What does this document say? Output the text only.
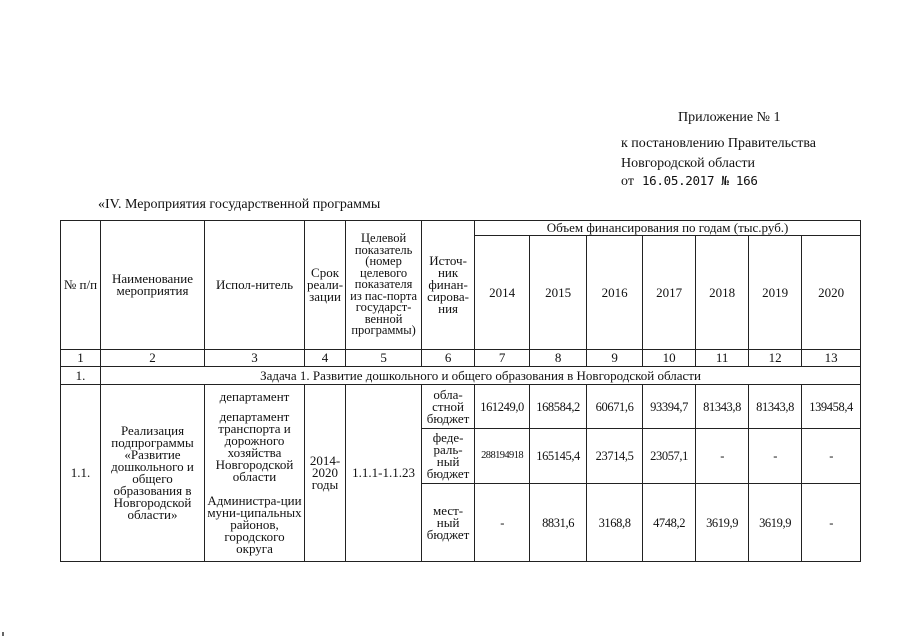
Приложение № 1
к постановлению Правительства
Новгородской области
от 16.05.2017 № 166
«IV. Мероприятия государственной программы
№ п/п	Наименование мероприятия	Испол-нитель	Срок реали-зации	Целевой показатель (номер целевого показателя из пас-порта государст-венной программы)	Источ-ник финан-сирова-ния	Объем финансирования по годам (тыс.руб.)						
						2014	2015	2016	2017	2018	2019	2020
1	2	3	4	5	6	7	8	9	10	11	12	13
1.	Задача 1. Развитие дошкольного и общего образования в Новгородской области											
1.1.	Реализация подпрограммы «Развитие дошкольного и общего образования в Новгородской области»	департамент
департамент транспорта и дорожного хозяйства Новгородской области
Администра-ции муни-ципальных районов, городского округа	2014-2020 годы	1.1.1-1.1.23	обла-стной бюджет	161249,0	168584,2	60671,6	93394,7	81343,8	81343,8	139458,4
					феде-раль-ный бюджет	288194918	165145,4	23714,5	23057,1	-	-	-
					мест-ный бюджет	-	8831,6	3168,8	4748,2	3619,9	3619,9	-
